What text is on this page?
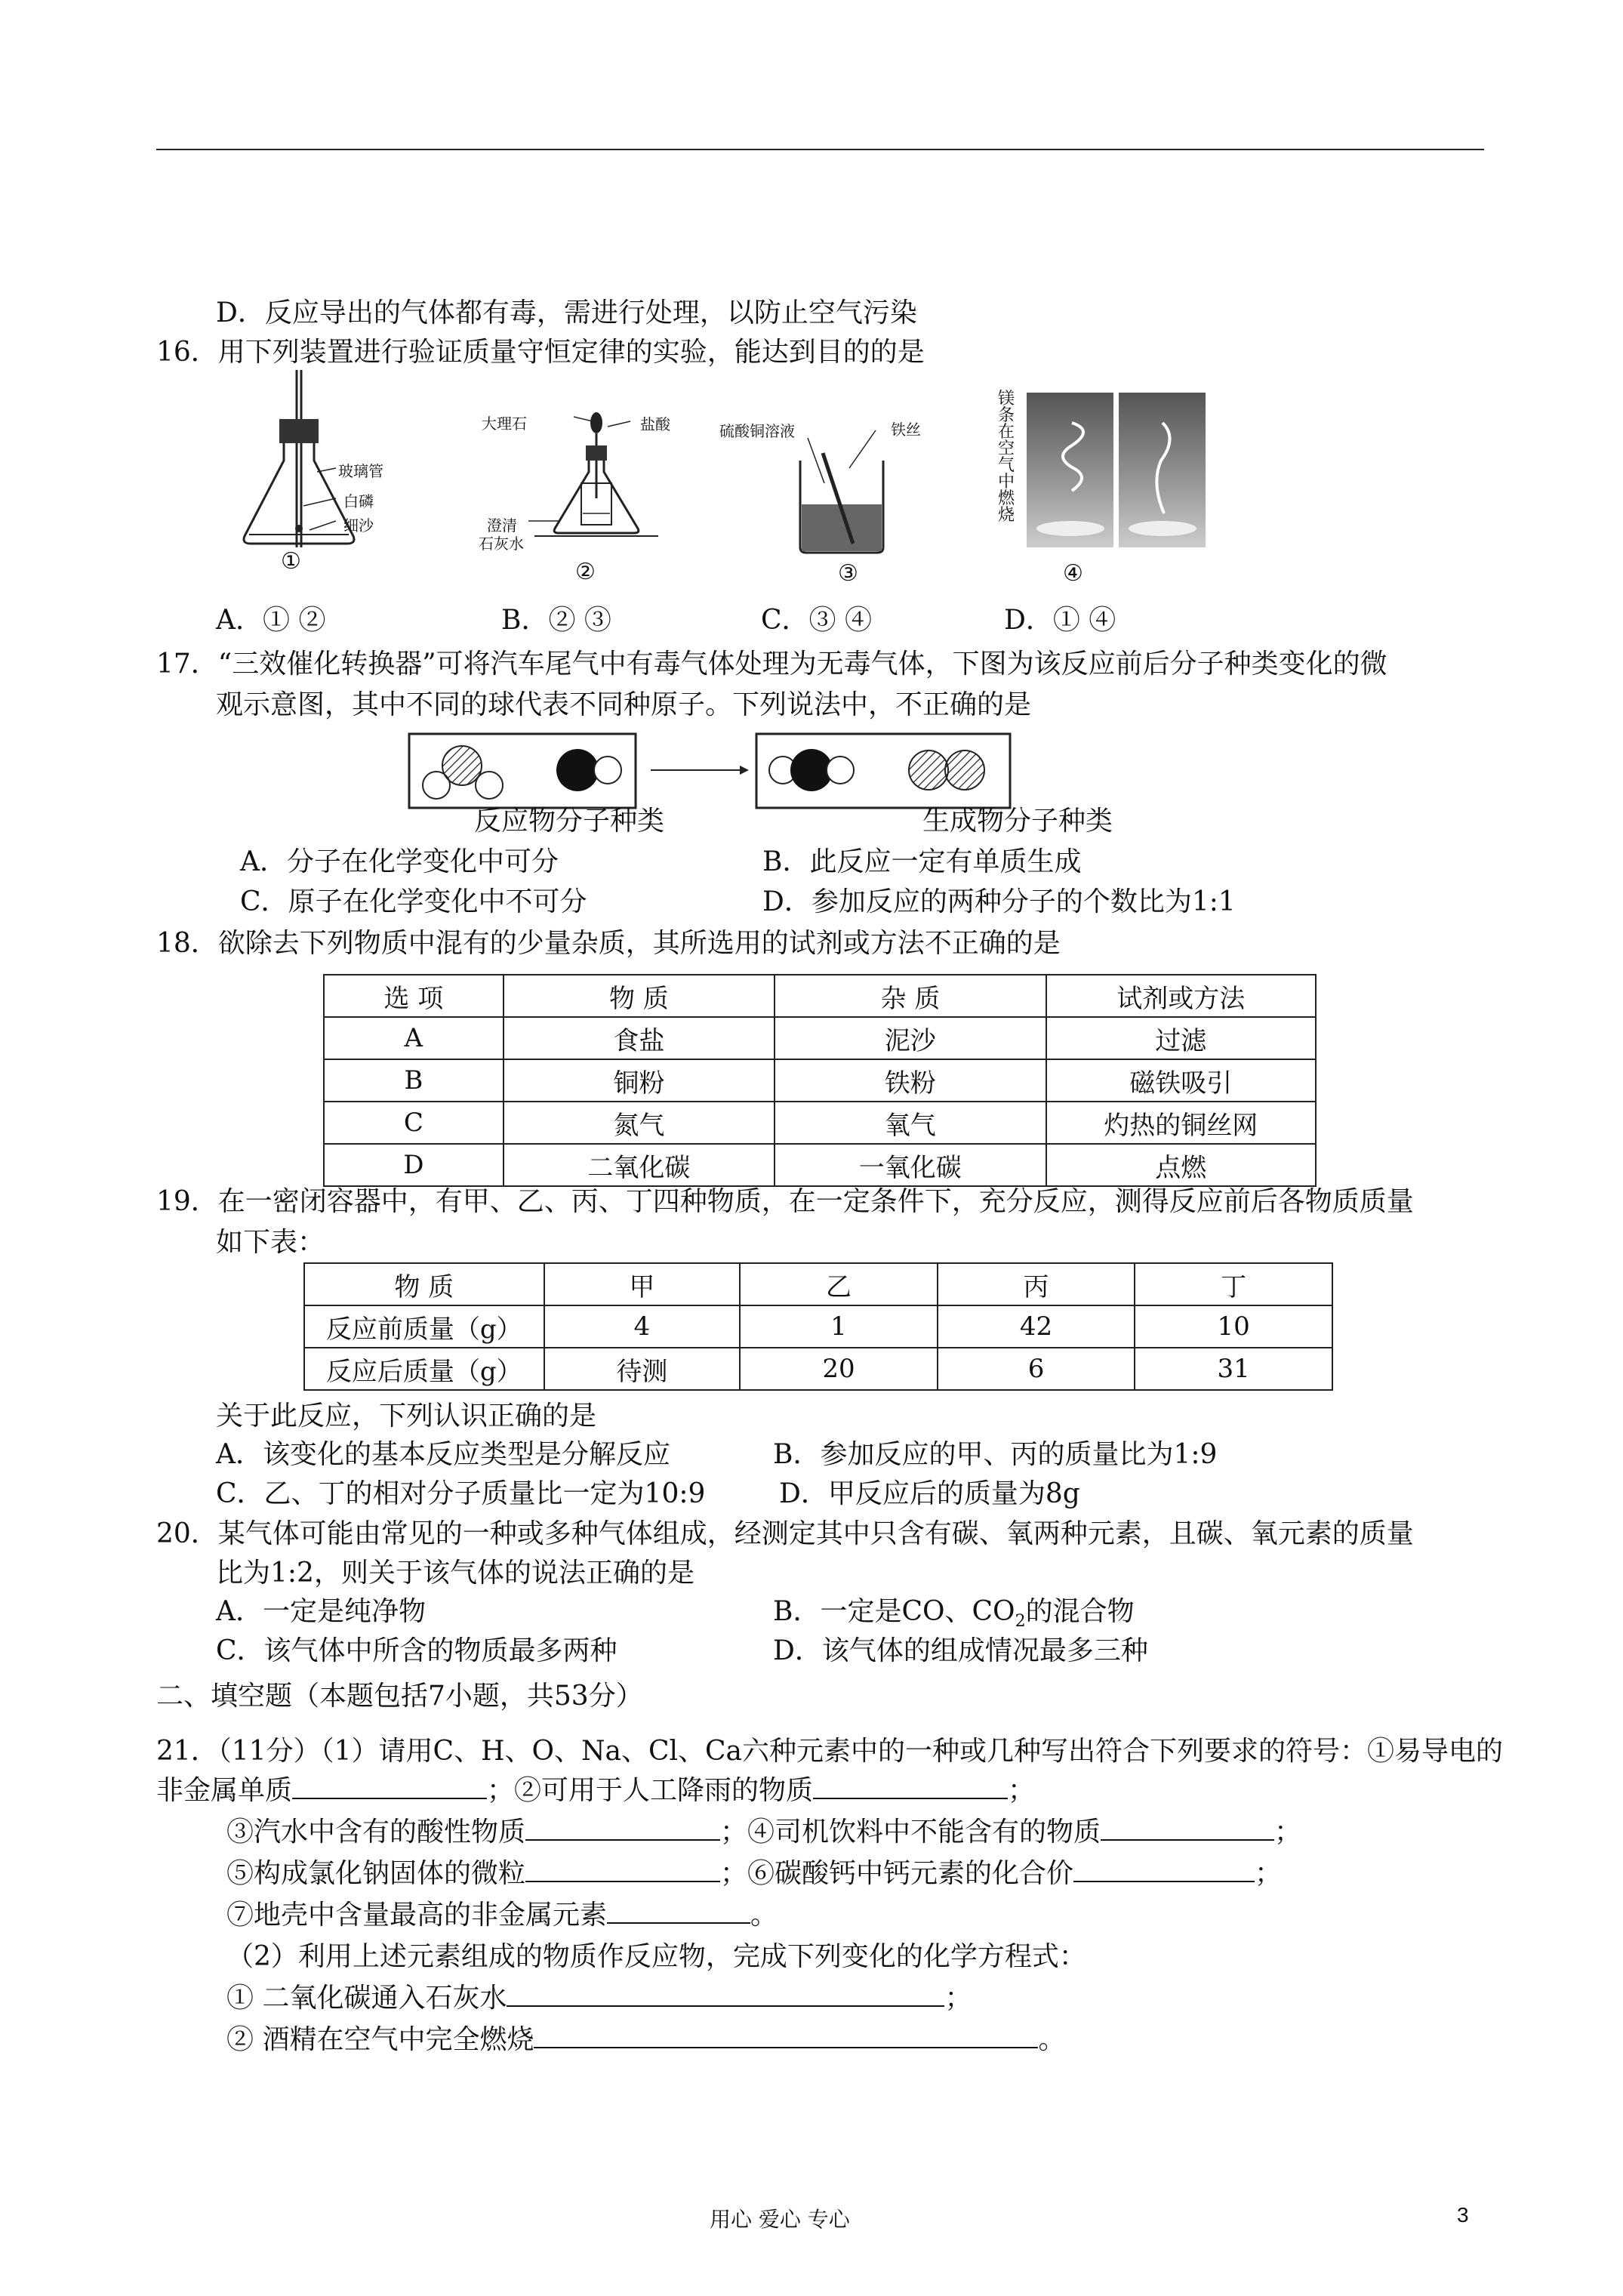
D．反应导出的气体都有毒，需进行处理，以防止空气污染
16．用下列装置进行验证质量守恒定律的实验，能达到目的的是
玻璃管
白磷
细沙
①
大理石	盐酸
澄清
石灰水
②
硫酸铜溶液	铁丝
③
镁条在空气中燃烧
④
A．① ②	B．② ③	C．③ ④	D．① ④
17．“三效催化转换器”可将汽车尾气中有毒气体处理为无毒气体，下图为该反应前后分子种类变化的微
观示意图，其中不同的球代表不同种原子。下列说法中，不正确的是
反应物分子种类	生成物分子种类
A．分子在化学变化中可分	B．此反应一定有单质生成
C．原子在化学变化中不可分	D．参加反应的两种分子的个数比为1:1
18．欲除去下列物质中混有的少量杂质，其所选用的试剂或方法不正确的是
选 项	物 质	杂 质	试剂或方法
A	食盐	泥沙	过滤
B	铜粉	铁粉	磁铁吸引
C	氮气	氧气	灼热的铜丝网
D	二氧化碳	一氧化碳	点燃
19．在一密闭容器中，有甲、乙、丙、丁四种物质，在一定条件下，充分反应，测得反应前后各物质质量
如下表：
物 质	甲	乙	丙	丁
反应前质量（g）	4	1	42	10
反应后质量（g）	待测	20	6	31
关于此反应，下列认识正确的是
A．该变化的基本反应类型是分解反应	B．参加反应的甲、丙的质量比为1:9
C．乙、丁的相对分子质量比一定为10:9	D．甲反应后的质量为8g
20．某气体可能由常见的一种或多种气体组成，经测定其中只含有碳、氧两种元素，且碳、氧元素的质量
比为1:2，则关于该气体的说法正确的是
A．一定是纯净物	B．一定是CO、$CO_2$的混合物
C．该气体中所含的物质最多两种	D．该气体的组成情况最多三种
二、填空题（本题包括7小题，共53分）
21．（11分）（1）请用C、H、O、Na、Cl、Ca六种元素中的一种或几种写出符合下列要求的符号：①易导电的
非金属单质	；②可用于人工降雨的物质	；
③汽水中含有的酸性物质	；④司机饮料中不能含有的物质	；
⑤构成氯化钠固体的微粒	；⑥碳酸钙中钙元素的化合价	；
⑦地壳中含量最高的非金属元素	。
（2）利用上述元素组成的物质作反应物，完成下列变化的化学方程式：
① 二氧化碳通入石灰水	；
② 酒精在空气中完全燃烧	。
用心 爱心 专心	3
